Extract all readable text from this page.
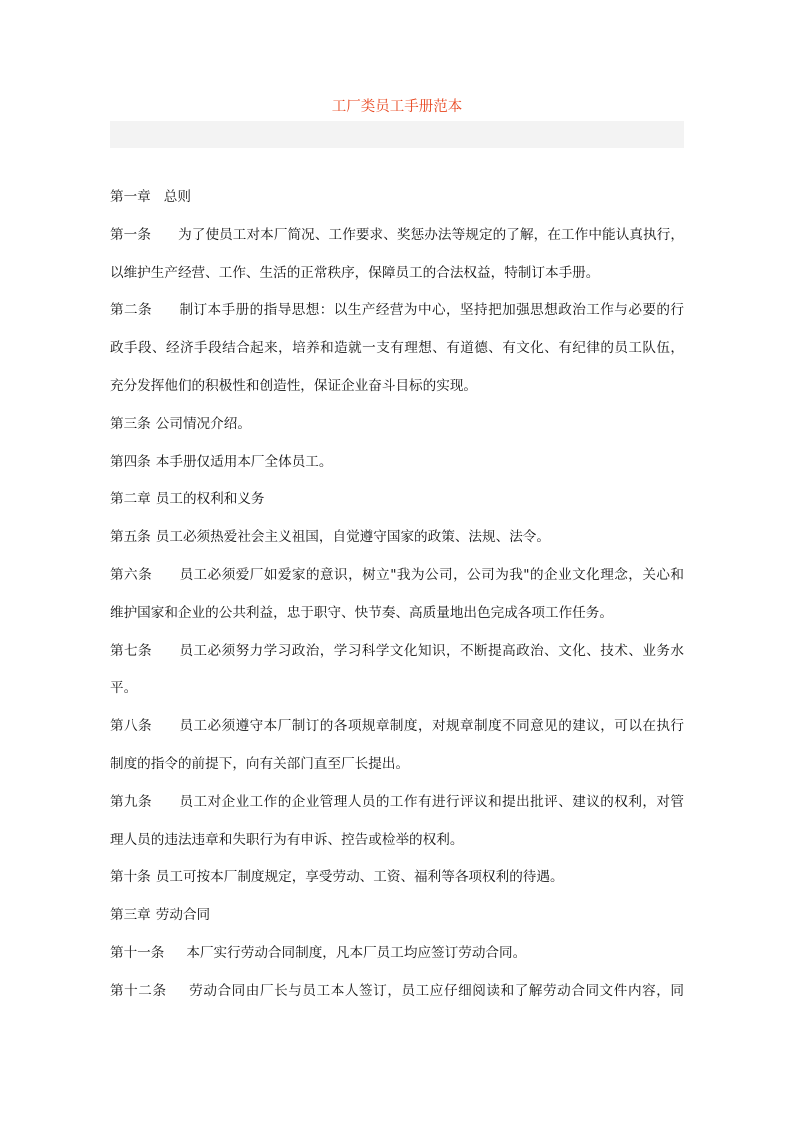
工厂类员工手册范本
第一章 总则
第一条 为了使员工对本厂简况、工作要求、奖惩办法等规定的了解，在工作中能认真执行，
以维护生产经营、工作、生活的正常秩序，保障员工的合法权益，特制订本手册。
第二条 制订本手册的指导思想：以生产经营为中心，坚持把加强思想政治工作与必要的行
政手段、经济手段结合起来，培养和造就一支有理想、有道德、有文化、有纪律的员工队伍，
充分发挥他们的积极性和创造性，保证企业奋斗目标的实现。
第三条 公司情况介绍。
第四条 本手册仅适用本厂全体员工。
第二章 员工的权利和义务
第五条 员工必须热爱社会主义祖国，自觉遵守国家的政策、法规、法令。
第六条 员工必须爱厂如爱家的意识，树立"我为公司，公司为我"的企业文化理念，关心和
维护国家和企业的公共利益，忠于职守、快节奏、高质量地出色完成各项工作任务。
第七条 员工必须努力学习政治，学习科学文化知识，不断提高政治、文化、技术、业务水
平。
第八条 员工必须遵守本厂制订的各项规章制度，对规章制度不同意见的建议，可以在执行
制度的指令的前提下，向有关部门直至厂长提出。
第九条 员工对企业工作的企业管理人员的工作有进行评议和提出批评、建议的权利，对管
理人员的违法违章和失职行为有申诉、控告或检举的权利。
第十条 员工可按本厂制度规定，享受劳动、工资、福利等各项权利的待遇。
第三章 劳动合同
第十一条 本厂实行劳动合同制度，凡本厂员工均应签订劳动合同。
第十二条 劳动合同由厂长与员工本人签订，员工应仔细阅读和了解劳动合同文件内容，同
